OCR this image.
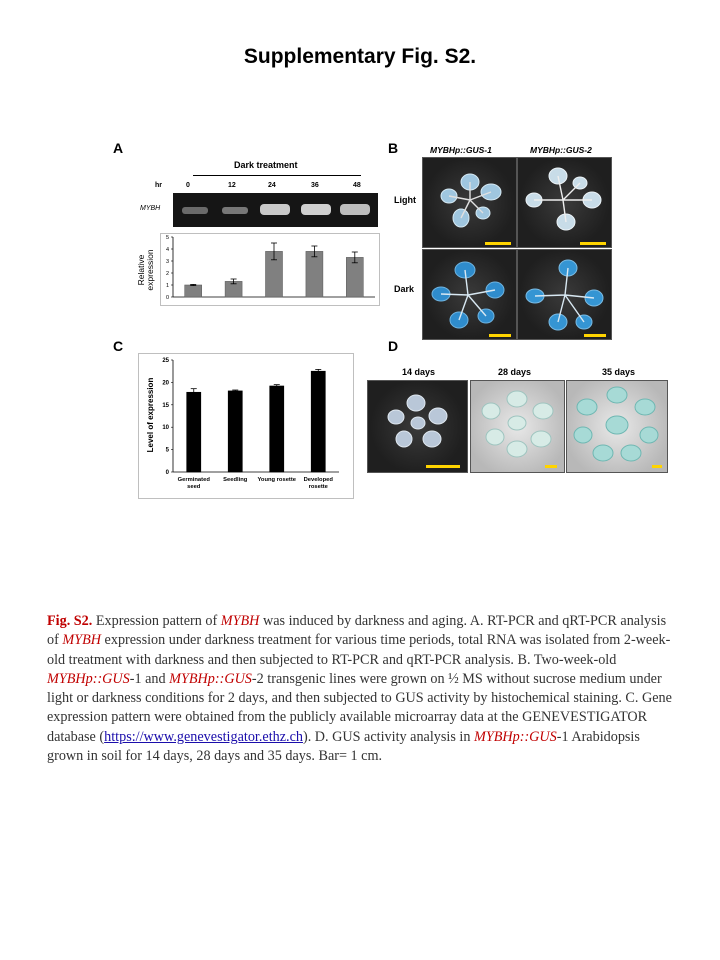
Supplementary Fig. S2.
A	B
C	D
Dark treatment
hr	0	12	24	36	48
MYBH
0
1
2
3
4
5
Relative expression
MYBHp::GUS-1	MYBHp::GUS-2
Light
Dark
0
5
10
15
20
25
Germinated
seed
Seedling Young rosette Developed
rosette
Level of expression
14 days	28 days	35 days
Fig. S2. Expression pattern of MYBH was induced by darkness and aging. A. RT-PCR and qRT-PCR analysis of MYBH expression under darkness treatment for various time periods, total RNA was isolated from 2-week-old treatment with darkness and then subjected to RT-PCR and qRT-PCR analysis. B. Two-week-old MYBHp::GUS-1 and MYBHp::GUS-2 transgenic lines were grown on ½ MS without sucrose medium under light or darkness conditions for 2 days, and then subjected to GUS activity by histochemical staining. C. Gene expression pattern were obtained from the publicly available microarray data at the GENEVESTIGATOR database (https://www.genevestigator.ethz.ch). D. GUS activity analysis in MYBHp::GUS-1 Arabidopsis grown in soil for 14 days, 28 days and 35 days. Bar= 1 cm.
